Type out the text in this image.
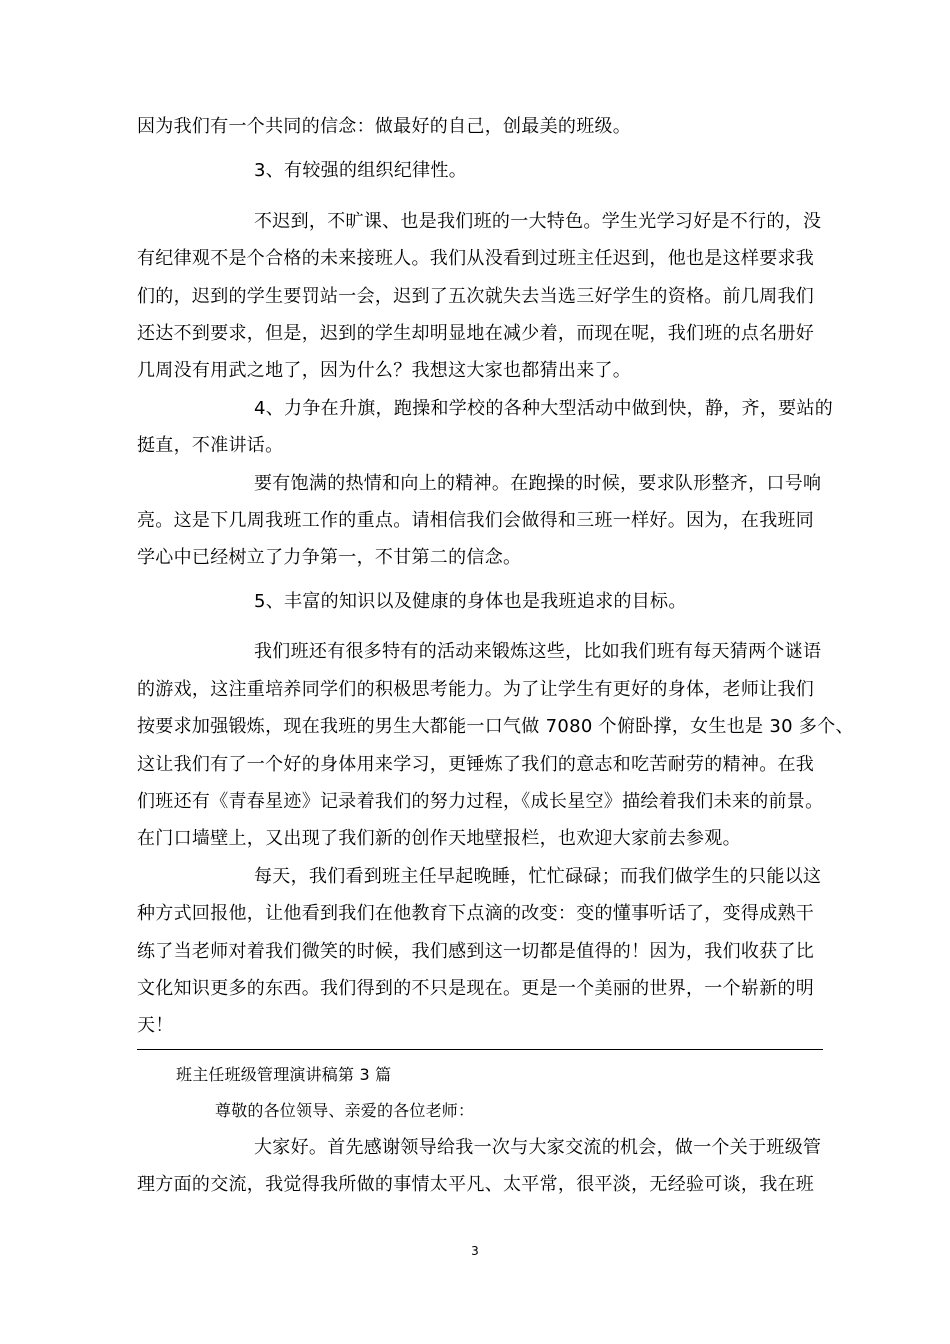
因为我们有一个共同的信念：做最好的自己，创最美的班级。
3、有较强的组织纪律性。
不迟到，不旷课、也是我们班的一大特色。学生光学习好是不行的，没
有纪律观不是个合格的未来接班人。我们从没看到过班主任迟到，他也是这样要求我
们的，迟到的学生要罚站一会，迟到了五次就失去当选三好学生的资格。前几周我们
还达不到要求，但是，迟到的学生却明显地在减少着，而现在呢，我们班的点名册好
几周没有用武之地了，因为什么？我想这大家也都猜出来了。
4、力争在升旗，跑操和学校的各种大型活动中做到快，静，齐，要站的
挺直，不准讲话。
要有饱满的热情和向上的精神。在跑操的时候，要求队形整齐，口号响
亮。这是下几周我班工作的重点。请相信我们会做得和三班一样好。因为，在我班同
学心中已经树立了力争第一，不甘第二的信念。
5、丰富的知识以及健康的身体也是我班追求的目标。
我们班还有很多特有的活动来锻炼这些，比如我们班有每天猜两个谜语
的游戏，这注重培养同学们的积极思考能力。为了让学生有更好的身体，老师让我们
按要求加强锻炼，现在我班的男生大都能一口气做 7080 个俯卧撑，女生也是 30 多个、
这让我们有了一个好的身体用来学习，更锤炼了我们的意志和吃苦耐劳的精神。在我
们班还有《青春星迹》记录着我们的努力过程，《成长星空》描绘着我们未来的前景。
在门口墙壁上，又出现了我们新的创作天地壁报栏，也欢迎大家前去参观。
每天，我们看到班主任早起晚睡，忙忙碌碌；而我们做学生的只能以这
种方式回报他，让他看到我们在他教育下点滴的改变：变的懂事听话了，变得成熟干
练了当老师对着我们微笑的时候，我们感到这一切都是值得的！因为，我们收获了比
文化知识更多的东西。我们得到的不只是现在。更是一个美丽的世界，一个崭新的明
天！
班主任班级管理演讲稿第 3 篇
尊敬的各位领导、亲爱的各位老师：
大家好。首先感谢领导给我一次与大家交流的机会，做一个关于班级管
理方面的交流，我觉得我所做的事情太平凡、太平常，很平淡，无经验可谈，我在班
3
